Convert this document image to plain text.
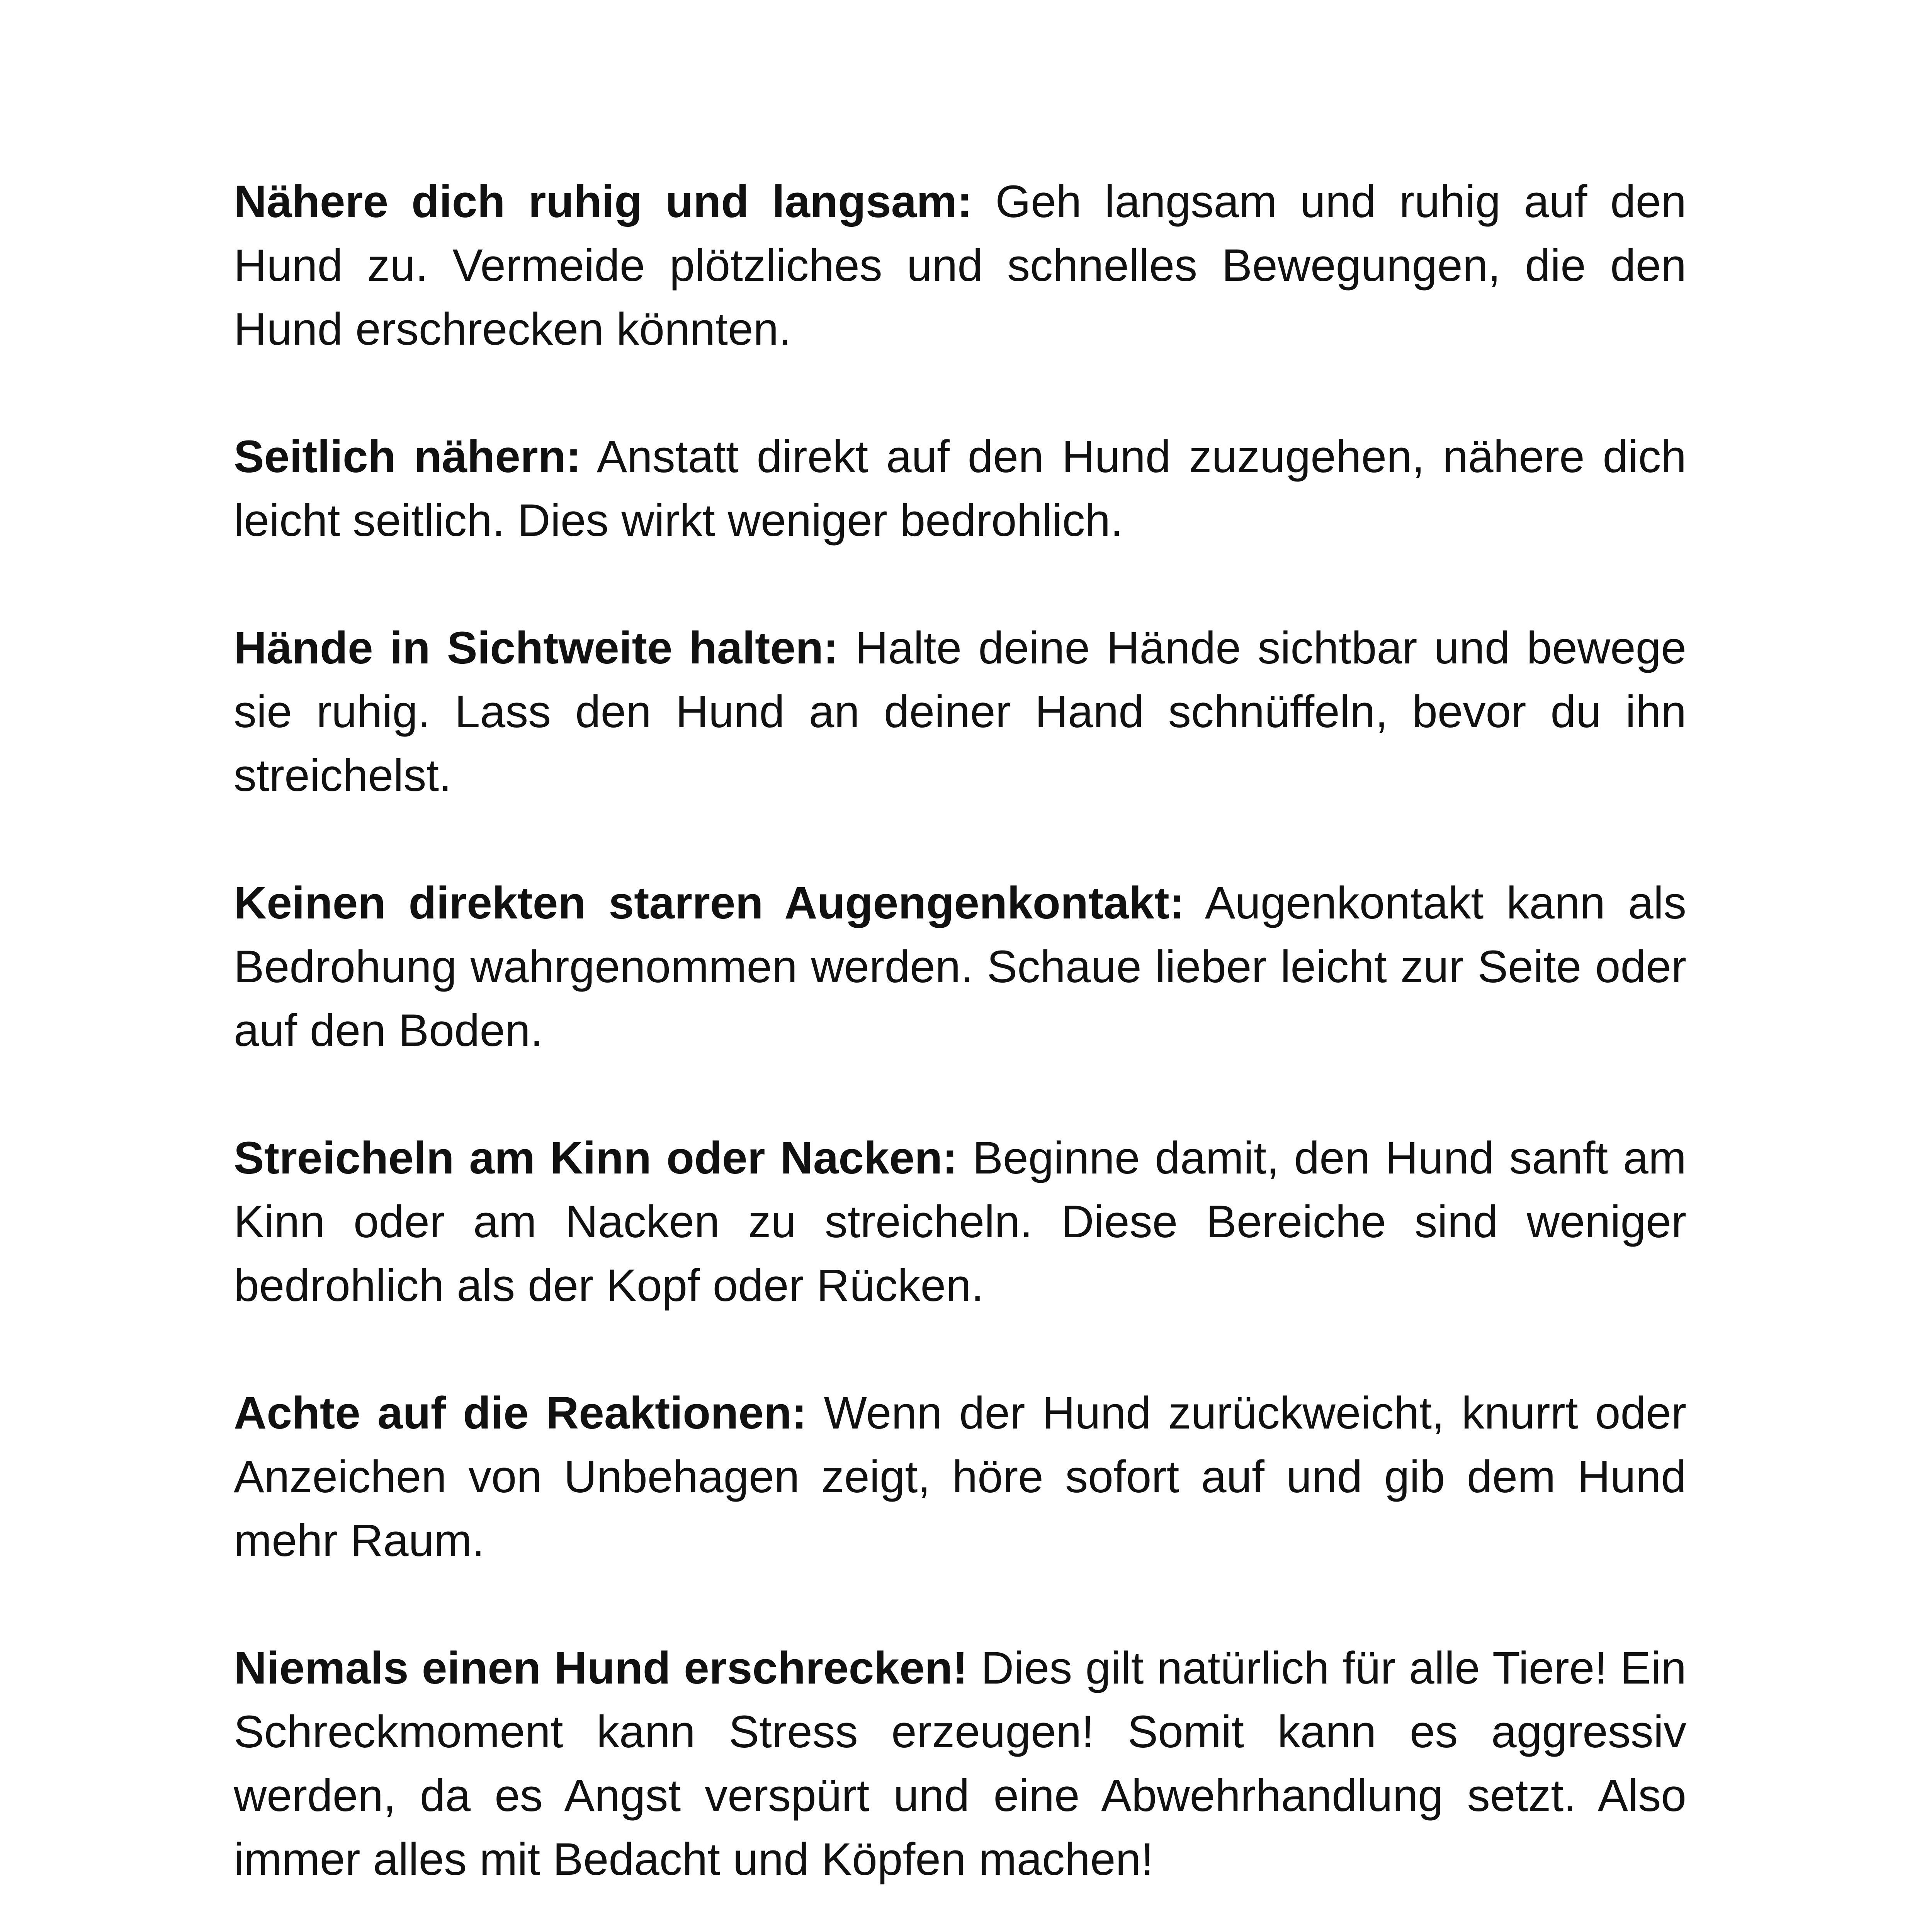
Nähere dich ruhig und langsam: Geh langsam und ruhig auf den Hund zu. Vermeide plötzliches und schnelles Bewegungen, die den Hund erschrecken könnten.

Seitlich nähern: Anstatt direkt auf den Hund zuzugehen, nähere dich leicht seitlich. Dies wirkt weniger bedrohlich.

Hände in Sichtweite halten: Halte deine Hände sichtbar und bewege sie ruhig. Lass den Hund an deiner Hand schnüffeln, bevor du ihn streichelst.

Keinen direkten starren Augengenkontakt: Augenkontakt kann als Bedrohung wahrgenommen werden. Schaue lieber leicht zur Seite oder auf den Boden.

Streicheln am Kinn oder Nacken: Beginne damit, den Hund sanft am Kinn oder am Nacken zu streicheln. Diese Bereiche sind weniger bedrohlich als der Kopf oder Rücken.

Achte auf die Reaktionen: Wenn der Hund zurückweicht, knurrt oder Anzeichen von Unbehagen zeigt, höre sofort auf und gib dem Hund mehr Raum.

Niemals einen Hund erschrecken! Dies gilt natürlich für alle Tiere! Ein Schreckmoment kann Stress erzeugen! Somit kann es aggressiv werden, da es Angst verspürt und eine Abwehrhandlung setzt. Also immer alles mit Bedacht und Köpfen machen!
